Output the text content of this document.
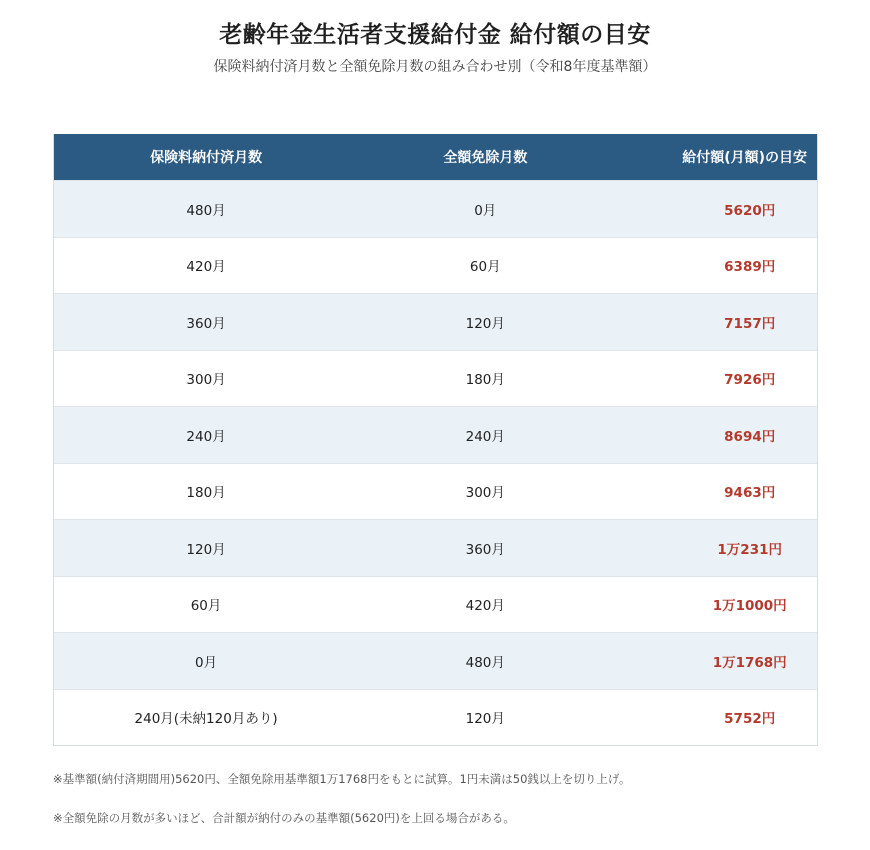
老齢年金生活者支援給付金 給付額の目安
保険料納付済月数と全額免除月数の組み合わせ別（令和8年度基準額）
保険料納付済月数	全額免除月数	給付額(月額)の目安
480月	0月	5620円
420月	60月	6389円
360月	120月	7157円
300月	180月	7926円
240月	240月	8694円
180月	300月	9463円
120月	360月	1万231円
60月	420月	1万1000円
0月	480月	1万1768円
240月(未納120月あり)	120月	5752円

※基準額(納付済期間用)5620円、全額免除用基準額1万1768円をもとに試算。1円未満は50銭以上を切り上げ。

※全額免除の月数が多いほど、合計額が納付のみの基準額(5620円)を上回る場合がある。
